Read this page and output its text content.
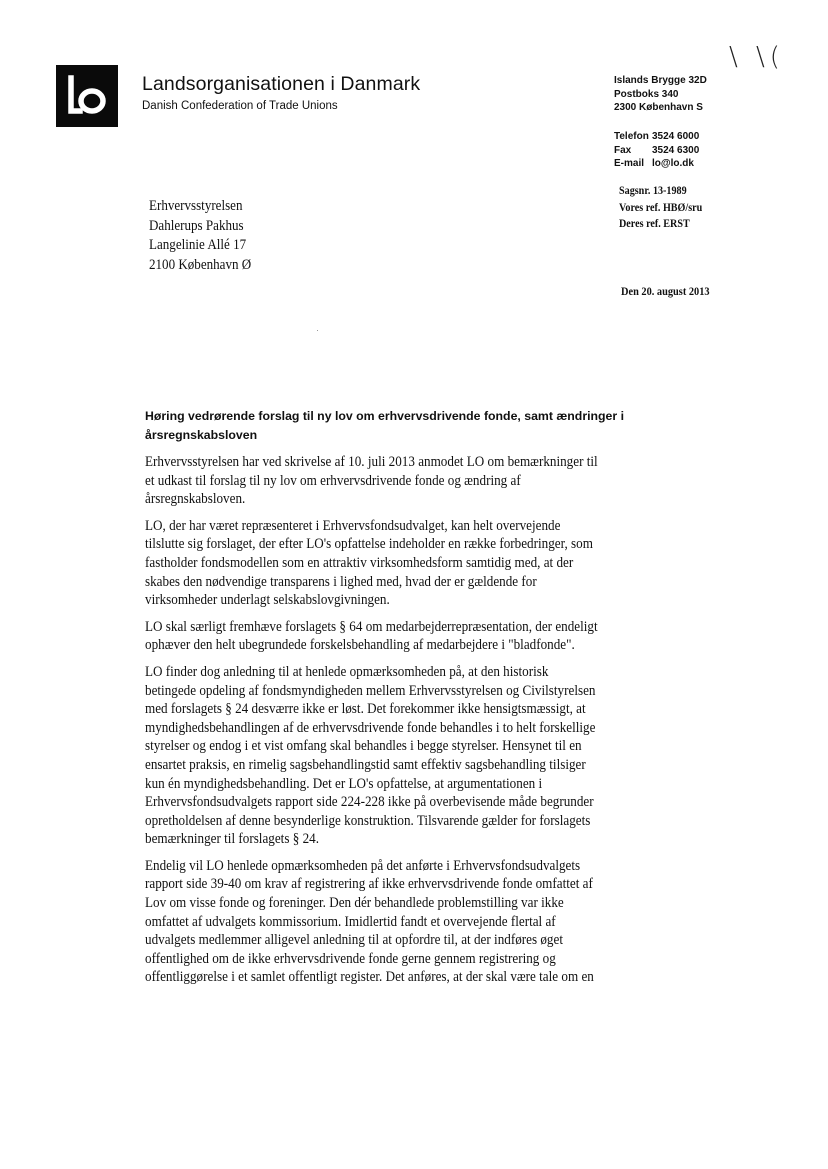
Landsorganisationen i Danmark
Danish Confederation of Trade Unions
\ \(
Islands Brygge 32D
Postboks 340
2300 København S
Telefon 3524 6000
Fax 3524 6300
E-mail lo@lo.dk
Sagsnr. 13-1989
Vores ref. HBØ/sru
Deres ref. ERST
Erhvervsstyrelsen
Dahlerups Pakhus
Langelinie Allé 17
2100 København Ø
Den 20. august 2013
Høring vedrørende forslag til ny lov om erhvervsdrivende fonde, samt ændringer i årsregnskabsloven

Erhvervsstyrelsen har ved skrivelse af 10. juli 2013 anmodet LO om bemærkninger til
et udkast til forslag til ny lov om erhvervsdrivende fonde og ændring af
årsregnskabsloven.

LO, der har været repræsenteret i Erhvervsfondsudvalget, kan helt overvejende
tilslutte sig forslaget, der efter LO's opfattelse indeholder en række forbedringer, som
fastholder fondsmodellen som en attraktiv virksomhedsform samtidig med, at der
skabes den nødvendige transparens i lighed med, hvad der er gældende for
virksomheder underlagt selskabslovgivningen.

LO skal særligt fremhæve forslagets § 64 om medarbejderrepræsentation, der endeligt
ophæver den helt ubegrundede forskelsbehandling af medarbejdere i "bladfonde".

LO finder dog anledning til at henlede opmærksomheden på, at den historisk
betingede opdeling af fondsmyndigheden mellem Erhvervsstyrelsen og Civilstyrelsen
med forslagets § 24 desværre ikke er løst. Det forekommer ikke hensigtsmæssigt, at
myndighedsbehandlingen af de erhvervsdrivende fonde behandles i to helt forskellige
styrelser og endog i et vist omfang skal behandles i begge styrelser. Hensynet til en
ensartet praksis, en rimelig sagsbehandlingstid samt effektiv sagsbehandling tilsiger
kun én myndighedsbehandling. Det er LO's opfattelse, at argumentationen i
Erhvervsfondsudvalgets rapport side 224-228 ikke på overbevisende måde begrunder
opretholdelsen af denne besynderlige konstruktion. Tilsvarende gælder for forslagets
bemærkninger til forslagets § 24.

Endelig vil LO henlede opmærksomheden på det anførte i Erhvervsfondsudvalgets
rapport side 39-40 om krav af registrering af ikke erhvervsdrivende fonde omfattet af
Lov om visse fonde og foreninger. Den dér behandlede problemstilling var ikke
omfattet af udvalgets kommissorium. Imidlertid fandt et overvejende flertal af
udvalgets medlemmer alligevel anledning til at opfordre til, at der indføres øget
offentlighed om de ikke erhvervsdrivende fonde gerne gennem registrering og
offentliggørelse i et samlet offentligt register. Det anføres, at der skal være tale om en
